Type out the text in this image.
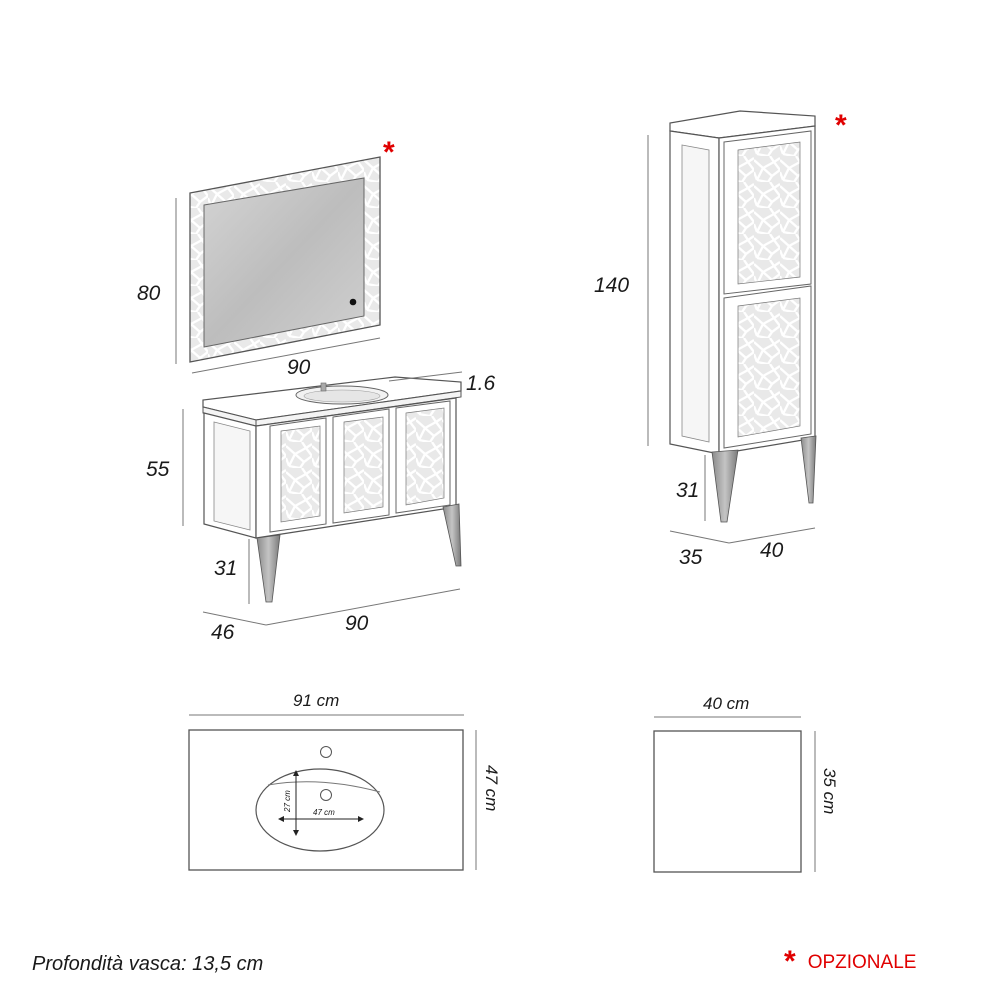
*
80
90
1.6
55
31
46	90
*
140
31
35	40
91 cm
47 cm
27 cm
47 cm
40 cm
35 cm
Profondità vasca: 13,5 cm	* OPZIONALE
